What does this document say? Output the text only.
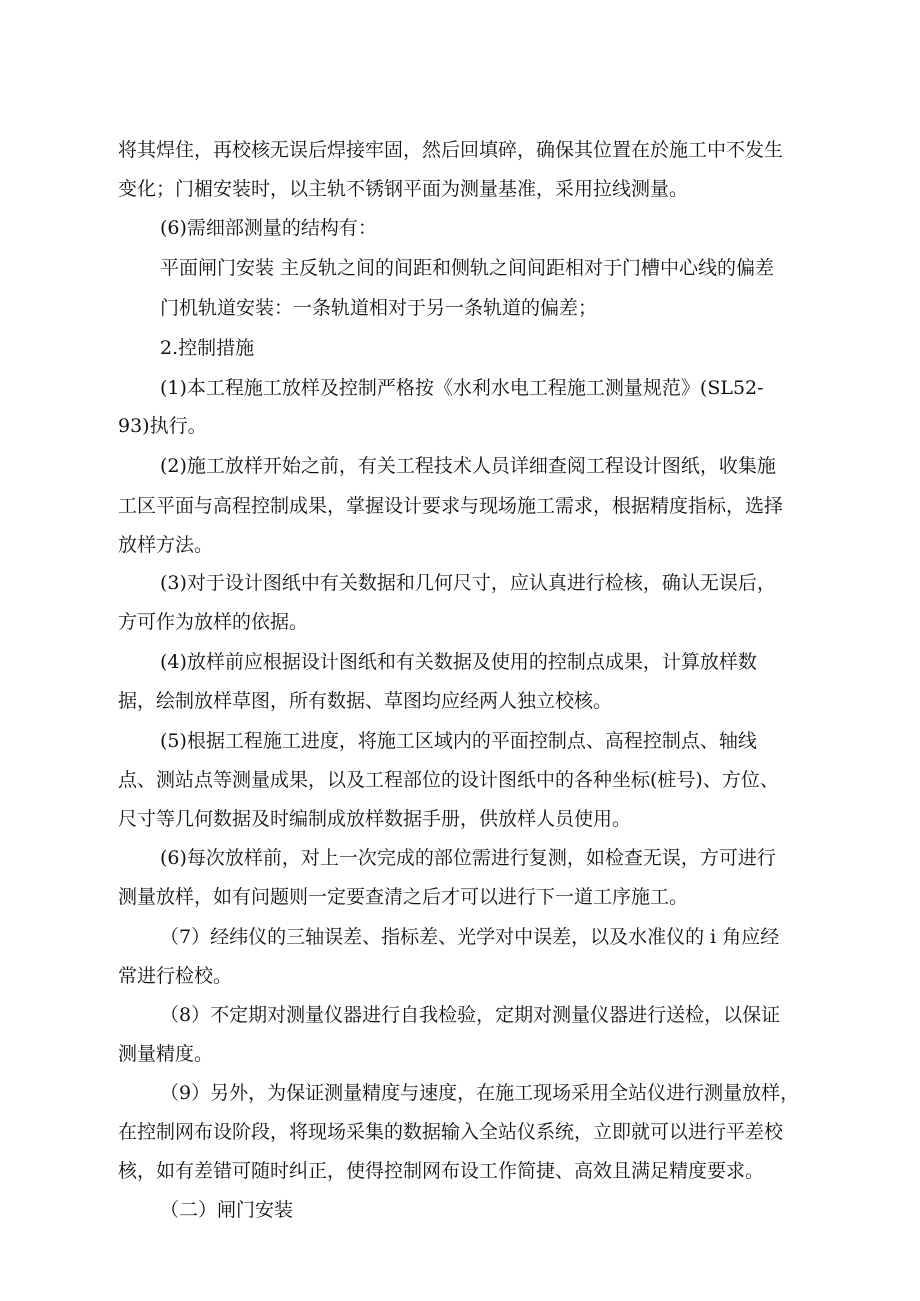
将其焊住，再校核无误后焊接牢固，然后回填碎，确保其位置在於施工中不发生
变化；门楣安装时，以主轨不锈钢平面为测量基准，采用拉线测量。
(6)需细部测量的结构有：
平面闸门安装 主反轨之间的间距和侧轨之间间距相对于门槽中心线的偏差
门机轨道安装：一条轨道相对于另一条轨道的偏差；
2.控制措施
(1)本工程施工放样及控制严格按《水利水电工程施工测量规范》(SL52-
93)执行。
(2)施工放样开始之前，有关工程技术人员详细查阅工程设计图纸，收集施
工区平面与高程控制成果，掌握设计要求与现场施工需求，根据精度指标，选择
放样方法。
(3)对于设计图纸中有关数据和几何尺寸，应认真进行检核，确认无误后，
方可作为放样的依据。
(4)放样前应根据设计图纸和有关数据及使用的控制点成果，计算放样数
据，绘制放样草图，所有数据、草图均应经两人独立校核。
(5)根据工程施工进度，将施工区域内的平面控制点、高程控制点、轴线
点、测站点等测量成果，以及工程部位的设计图纸中的各种坐标(桩号)、方位、
尺寸等几何数据及时编制成放样数据手册，供放样人员使用。
(6)每次放样前，对上一次完成的部位需进行复测，如检查无误，方可进行
测量放样，如有问题则一定要查清之后才可以进行下一道工序施工。
（7）经纬仪的三轴误差、指标差、光学对中误差，以及水准仪的 i 角应经
常进行检校。
（8）不定期对测量仪器进行自我检验，定期对测量仪器进行送检，以保证
测量精度。
（9）另外，为保证测量精度与速度，在施工现场采用全站仪进行测量放样，
在控制网布设阶段，将现场采集的数据输入全站仪系统，立即就可以进行平差校
核，如有差错可随时纠正，使得控制网布设工作简捷、高效且满足精度要求。
（二）闸门安装
